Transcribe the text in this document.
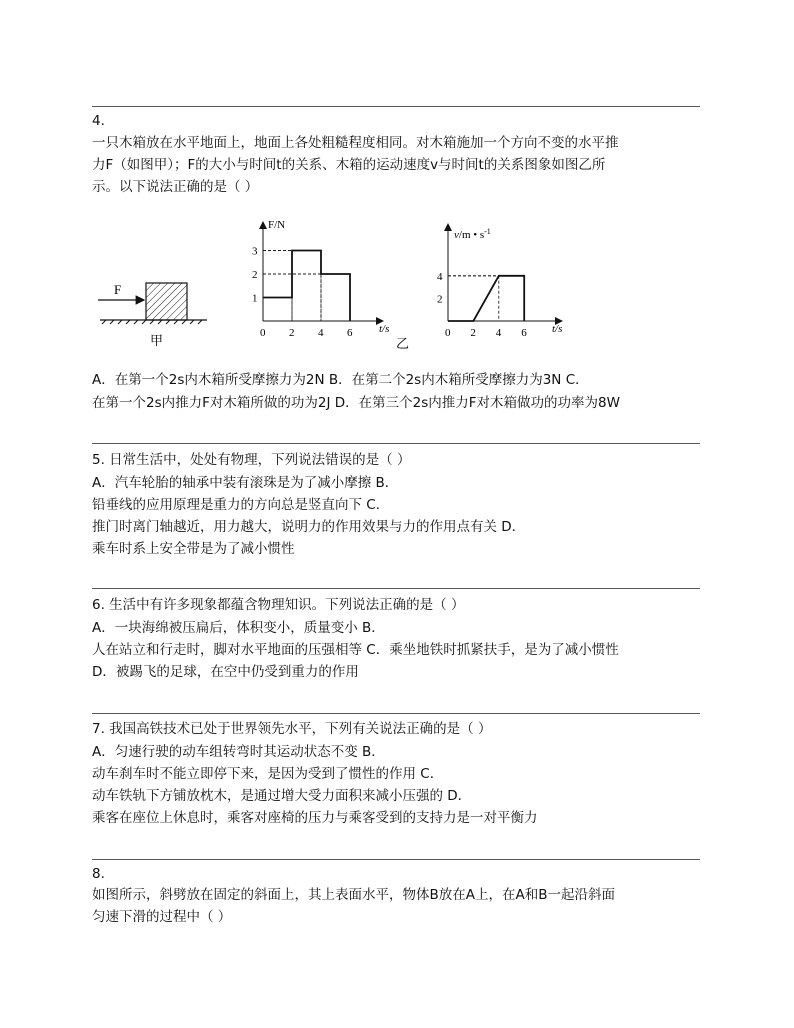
4.
一只木箱放在水平地面上，地面上各处粗糙程度相同。对木箱施加一个方向不变的水平推
力F（如图甲）；F的大小与时间t的关系、木箱的运动速度v与时间t的关系图象如图乙所
示。以下说法正确的是（ ）
F
甲
F/N
t/s
0 2 4 6
1
2
3
乙
v/m • $s^{-1}$
t/s
0 2 4 6
2
4
A．在第一个2s内木箱所受摩擦力为2N B．在第二个2s内木箱所受摩擦力为3N C．
在第一个2s内推力F对木箱所做的功为2J D．在第三个2s内推力F对木箱做功的功率为8W
5. 日常生活中，处处有物理，下列说法错误的是（ ）
A．汽车轮胎的轴承中装有滚珠是为了减小摩擦 B．
铅垂线的应用原理是重力的方向总是竖直向下 C．
推门时离门轴越近，用力越大，说明力的作用效果与力的作用点有关 D．
乘车时系上安全带是为了减小惯性
6. 生活中有许多现象都蕴含物理知识。下列说法正确的是（ ）
A．一块海绵被压扁后，体积变小，质量变小 B．
人在站立和行走时，脚对水平地面的压强相等 C．乘坐地铁时抓紧扶手，是为了减小惯性
D．被踢飞的足球，在空中仍受到重力的作用
7. 我国高铁技术已处于世界领先水平，下列有关说法正确的是（ ）
A．匀速行驶的动车组转弯时其运动状态不变 B．
动车刹车时不能立即停下来，是因为受到了惯性的作用 C．
动车铁轨下方铺放枕木，是通过增大受力面积来减小压强的 D．
乘客在座位上休息时，乘客对座椅的压力与乘客受到的支持力是一对平衡力
8.
如图所示，斜劈放在固定的斜面上，其上表面水平，物体B放在A上，在A和B一起沿斜面
匀速下滑的过程中（ ）
